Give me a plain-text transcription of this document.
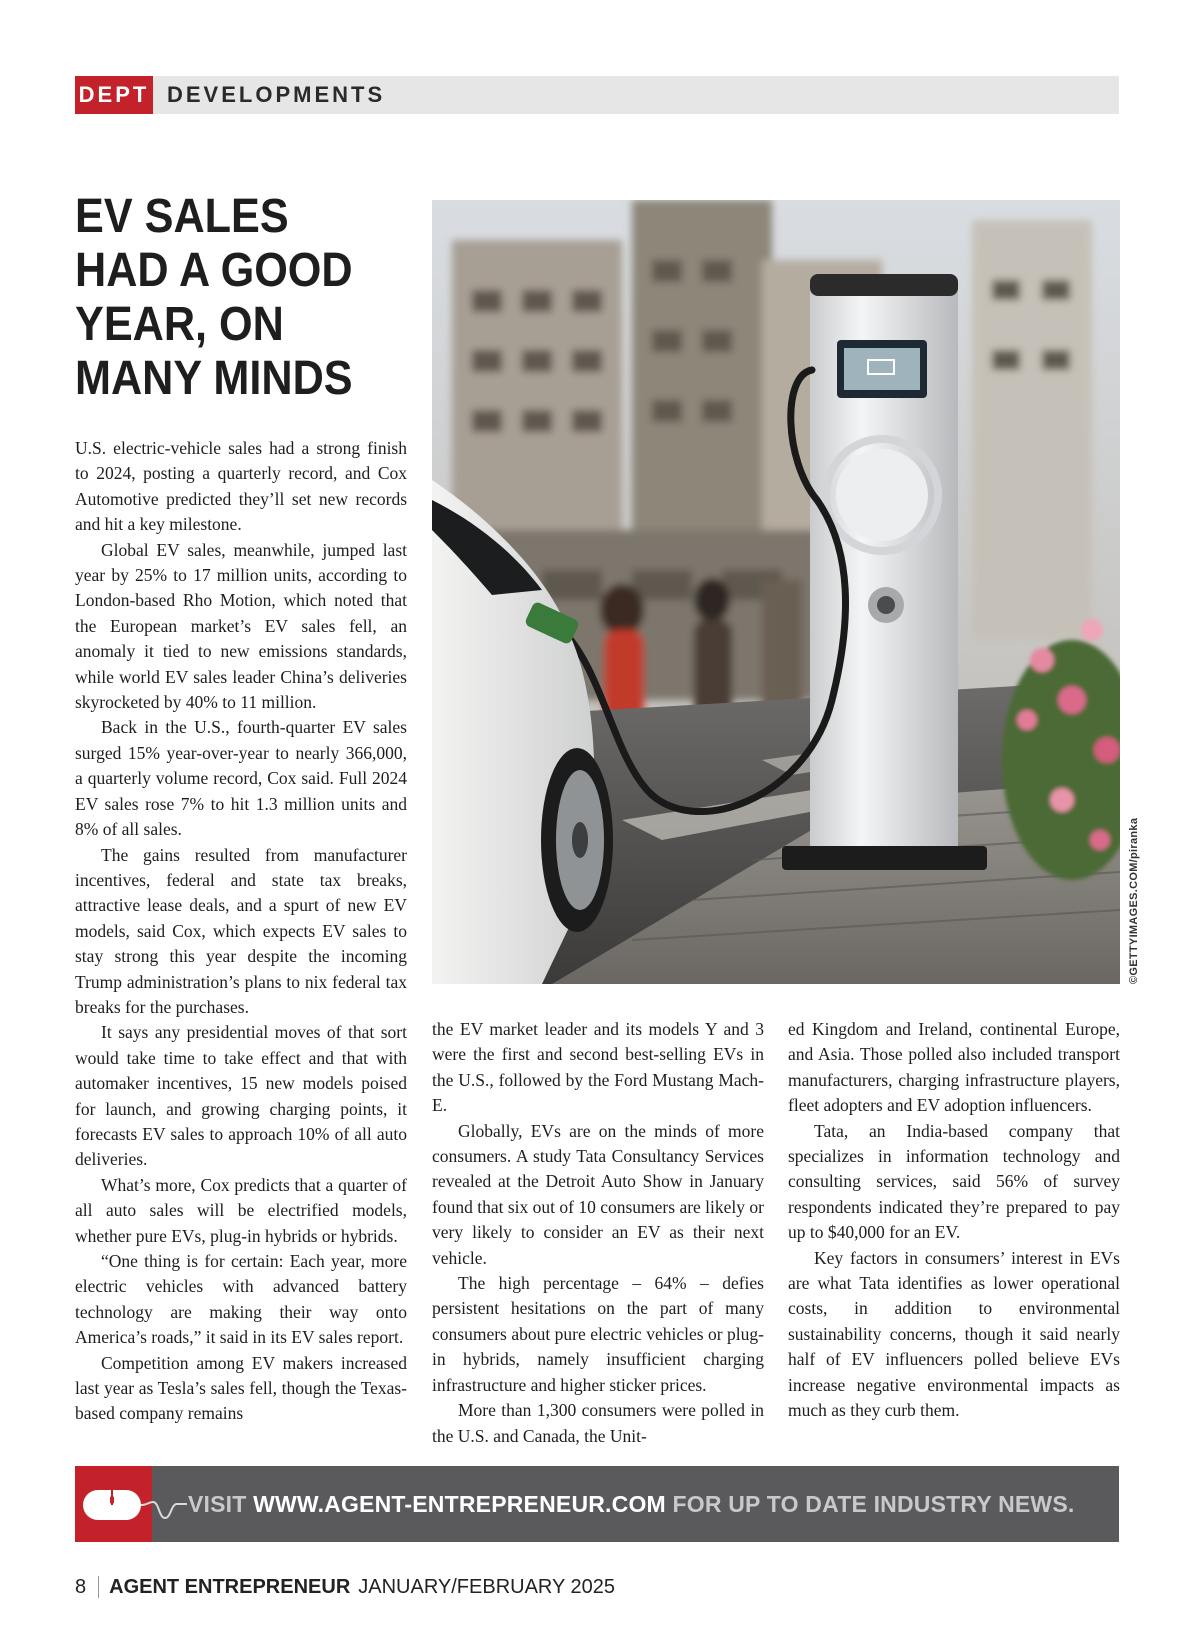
DEPT DEVELOPMENTS
EV SALES HAD A GOOD YEAR, ON MANY MINDS
©GETTYIMAGES.COM/piranka

U.S. electric-vehicle sales had a strong finish to 2024, posting a quarterly record, and Cox Automotive predicted they’ll set new records and hit a key milestone.

Global EV sales, meanwhile, jumped last year by 25% to 17 million units, according to London-based Rho Motion, which noted that the European market’s EV sales fell, an anomaly it tied to new emissions standards, while world EV sales leader China’s deliveries skyrocketed by 40% to 11 million.

Back in the U.S., fourth-quarter EV sales surged 15% year-over-year to nearly 366,000, a quarterly volume record, Cox said. Full 2024 EV sales rose 7% to hit 1.3 million units and 8% of all sales.

The gains resulted from manufacturer incentives, federal and state tax breaks, attractive lease deals, and a spurt of new EV models, said Cox, which expects EV sales to stay strong this year despite the incoming Trump administration’s plans to nix federal tax breaks for the purchases.

It says any presidential moves of that sort would take time to take effect and that with automaker incentives, 15 new models poised for launch, and growing charging points, it forecasts EV sales to approach 10% of all auto deliveries.

What’s more, Cox predicts that a quarter of all auto sales will be electrified models, whether pure EVs, plug-in hybrids or hybrids.

“One thing is for certain: Each year, more electric vehicles with advanced battery technology are making their way onto America’s roads,” it said in its EV sales report.

Competition among EV makers increased last year as Tesla’s sales fell, though the Texas-based company remains

the EV market leader and its models Y and 3 were the first and second best-selling EVs in the U.S., followed by the Ford Mustang Mach-E.

Globally, EVs are on the minds of more consumers. A study Tata Consultancy Services revealed at the Detroit Auto Show in January found that six out of 10 consumers are likely or very likely to consider an EV as their next vehicle.

The high percentage – 64% – defies persistent hesitations on the part of many consumers about pure electric vehicles or plug-in hybrids, namely insufficient charging infrastructure and higher sticker prices.

More than 1,300 consumers were polled in the U.S. and Canada, the Unit-

ed Kingdom and Ireland, continental Europe, and Asia. Those polled also included transport manufacturers, charging infrastructure players, fleet adopters and EV adoption influencers.

Tata, an India-based company that specializes in information technology and consulting services, said 56% of survey respondents indicated they’re prepared to pay up to $40,000 for an EV.

Key factors in consumers’ interest in EVs are what Tata identifies as lower operational costs, in addition to environmental sustainability concerns, though it said nearly half of EV influencers polled believe EVs increase negative environmental impacts as much as they curb them.

VISIT WWW.AGENT-ENTREPRENEUR.COM FOR UP TO DATE INDUSTRY NEWS.
8 AGENT ENTREPRENEUR JANUARY/FEBRUARY 2025
